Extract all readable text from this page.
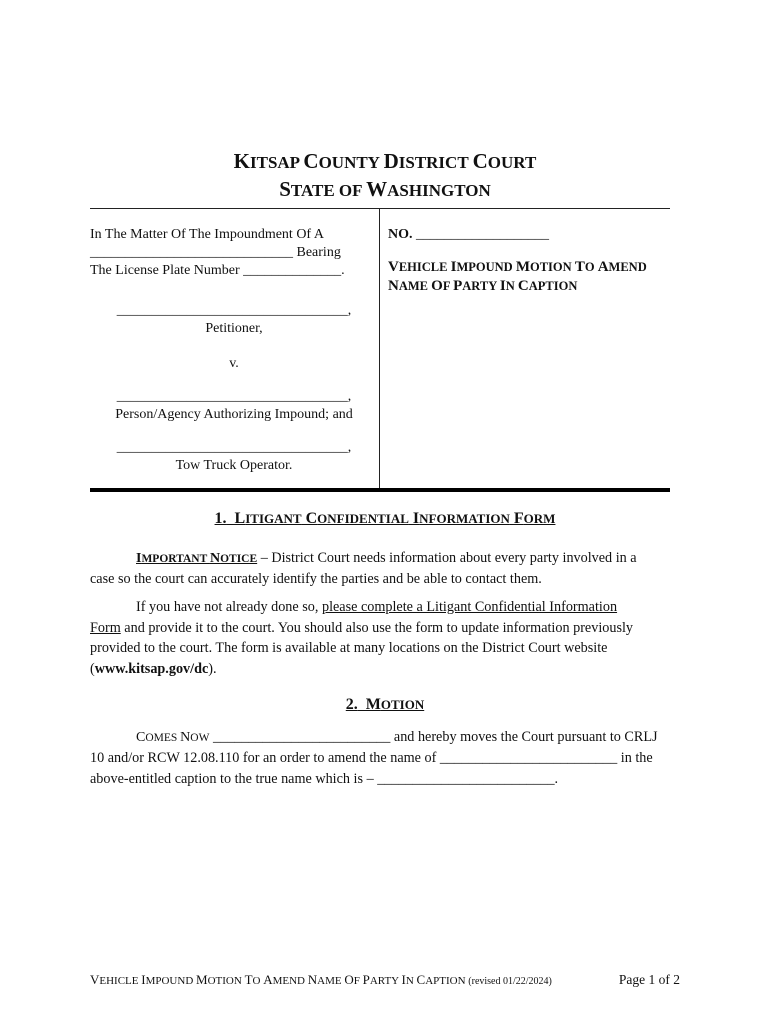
KITSAP COUNTY DISTRICT COURT
STATE OF WASHINGTON
In The Matter Of The Impoundment Of A
_____________________________ Bearing
The License Plate Number ______________.
_________________________________,
Petitioner,
v.
_________________________________,
Person/Agency Authorizing Impound; and
_________________________________,
Tow Truck Operator.
NO. ___________________
VEHICLE IMPOUND MOTION TO AMEND
NAME OF PARTY IN CAPTION
1.  LITIGANT CONFIDENTIAL INFORMATION FORM
IMPORTANT NOTICE – District Court needs information about every party involved in a
case so the court can accurately identify the parties and be able to contact them.
If you have not already done so, please complete a Litigant Confidential Information
Form and provide it to the court. You should also use the form to update information previously
provided to the court. The form is available at many locations on the District Court website
(www.kitsap.gov/dc).
2.  MOTION
COMES NOW _________________________ and hereby moves the Court pursuant to CRLJ
10 and/or RCW 12.08.110 for an order to amend the name of _________________________ in the
above-entitled caption to the true name which is – _________________________.
VEHICLE IMPOUND MOTION TO AMEND NAME OF PARTY IN CAPTION (revised 01/22/2024)	Page 1 of 2
